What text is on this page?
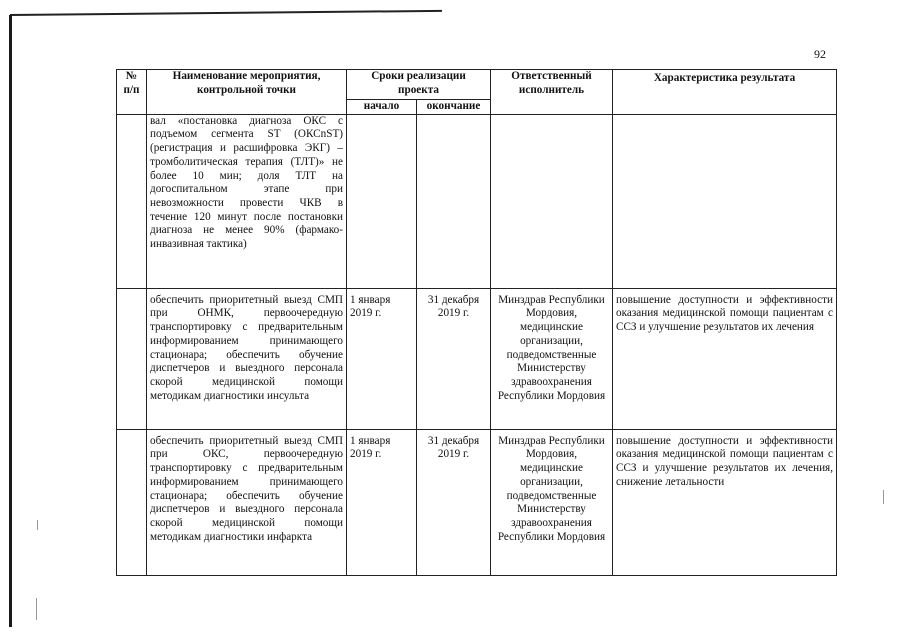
92
№ п/п	Наименование мероприятия, контрольной точки	Сроки реализации проекта		Ответственный исполнитель	Характеристика результата
		начало	окончание		
	вал «постановка диагноза ОКС с подъемом сегмента ST (ОКСnST) (регистрация и расшифровка ЭКГ) – тромболитическая терапия (ТЛТ)» не более 10 мин; доля ТЛТ на догоспитальном этапе при невозможности провести ЧКВ в течение 120 минут после постановки диагноза не менее 90% (фармако-инвазивная тактика)				
	обеспечить приоритетный выезд СМП при ОНМК, первоочередную транспортировку с предварительным информированием принимающего стационара; обеспечить обучение диспетчеров и выездного персонала скорой медицинской помощи методикам диагностики инсульта	1 января 2019 г.	31 декабря 2019 г.	Минздрав Республики Мордовия, медицинские организации, подведомственные Министерству здравоохранения Республики Мордовия	повышение доступности и эффективности оказания медицинской помощи пациентам с ССЗ и улучшение результатов их лечения
	обеспечить приоритетный выезд СМП при ОКС, первоочередную транспортировку с предварительным информированием принимающего стационара; обеспечить обучение диспетчеров и выездного персонала скорой медицинской помощи методикам диагностики инфаркта	1 января 2019 г.	31 декабря 2019 г.	Минздрав Республики Мордовия, медицинские организации, подведомственные Министерству здравоохранения Республики Мордовия	повышение доступности и эффективности оказания медицинской помощи пациентам с ССЗ и улучшение результатов их лечения, снижение летальности
